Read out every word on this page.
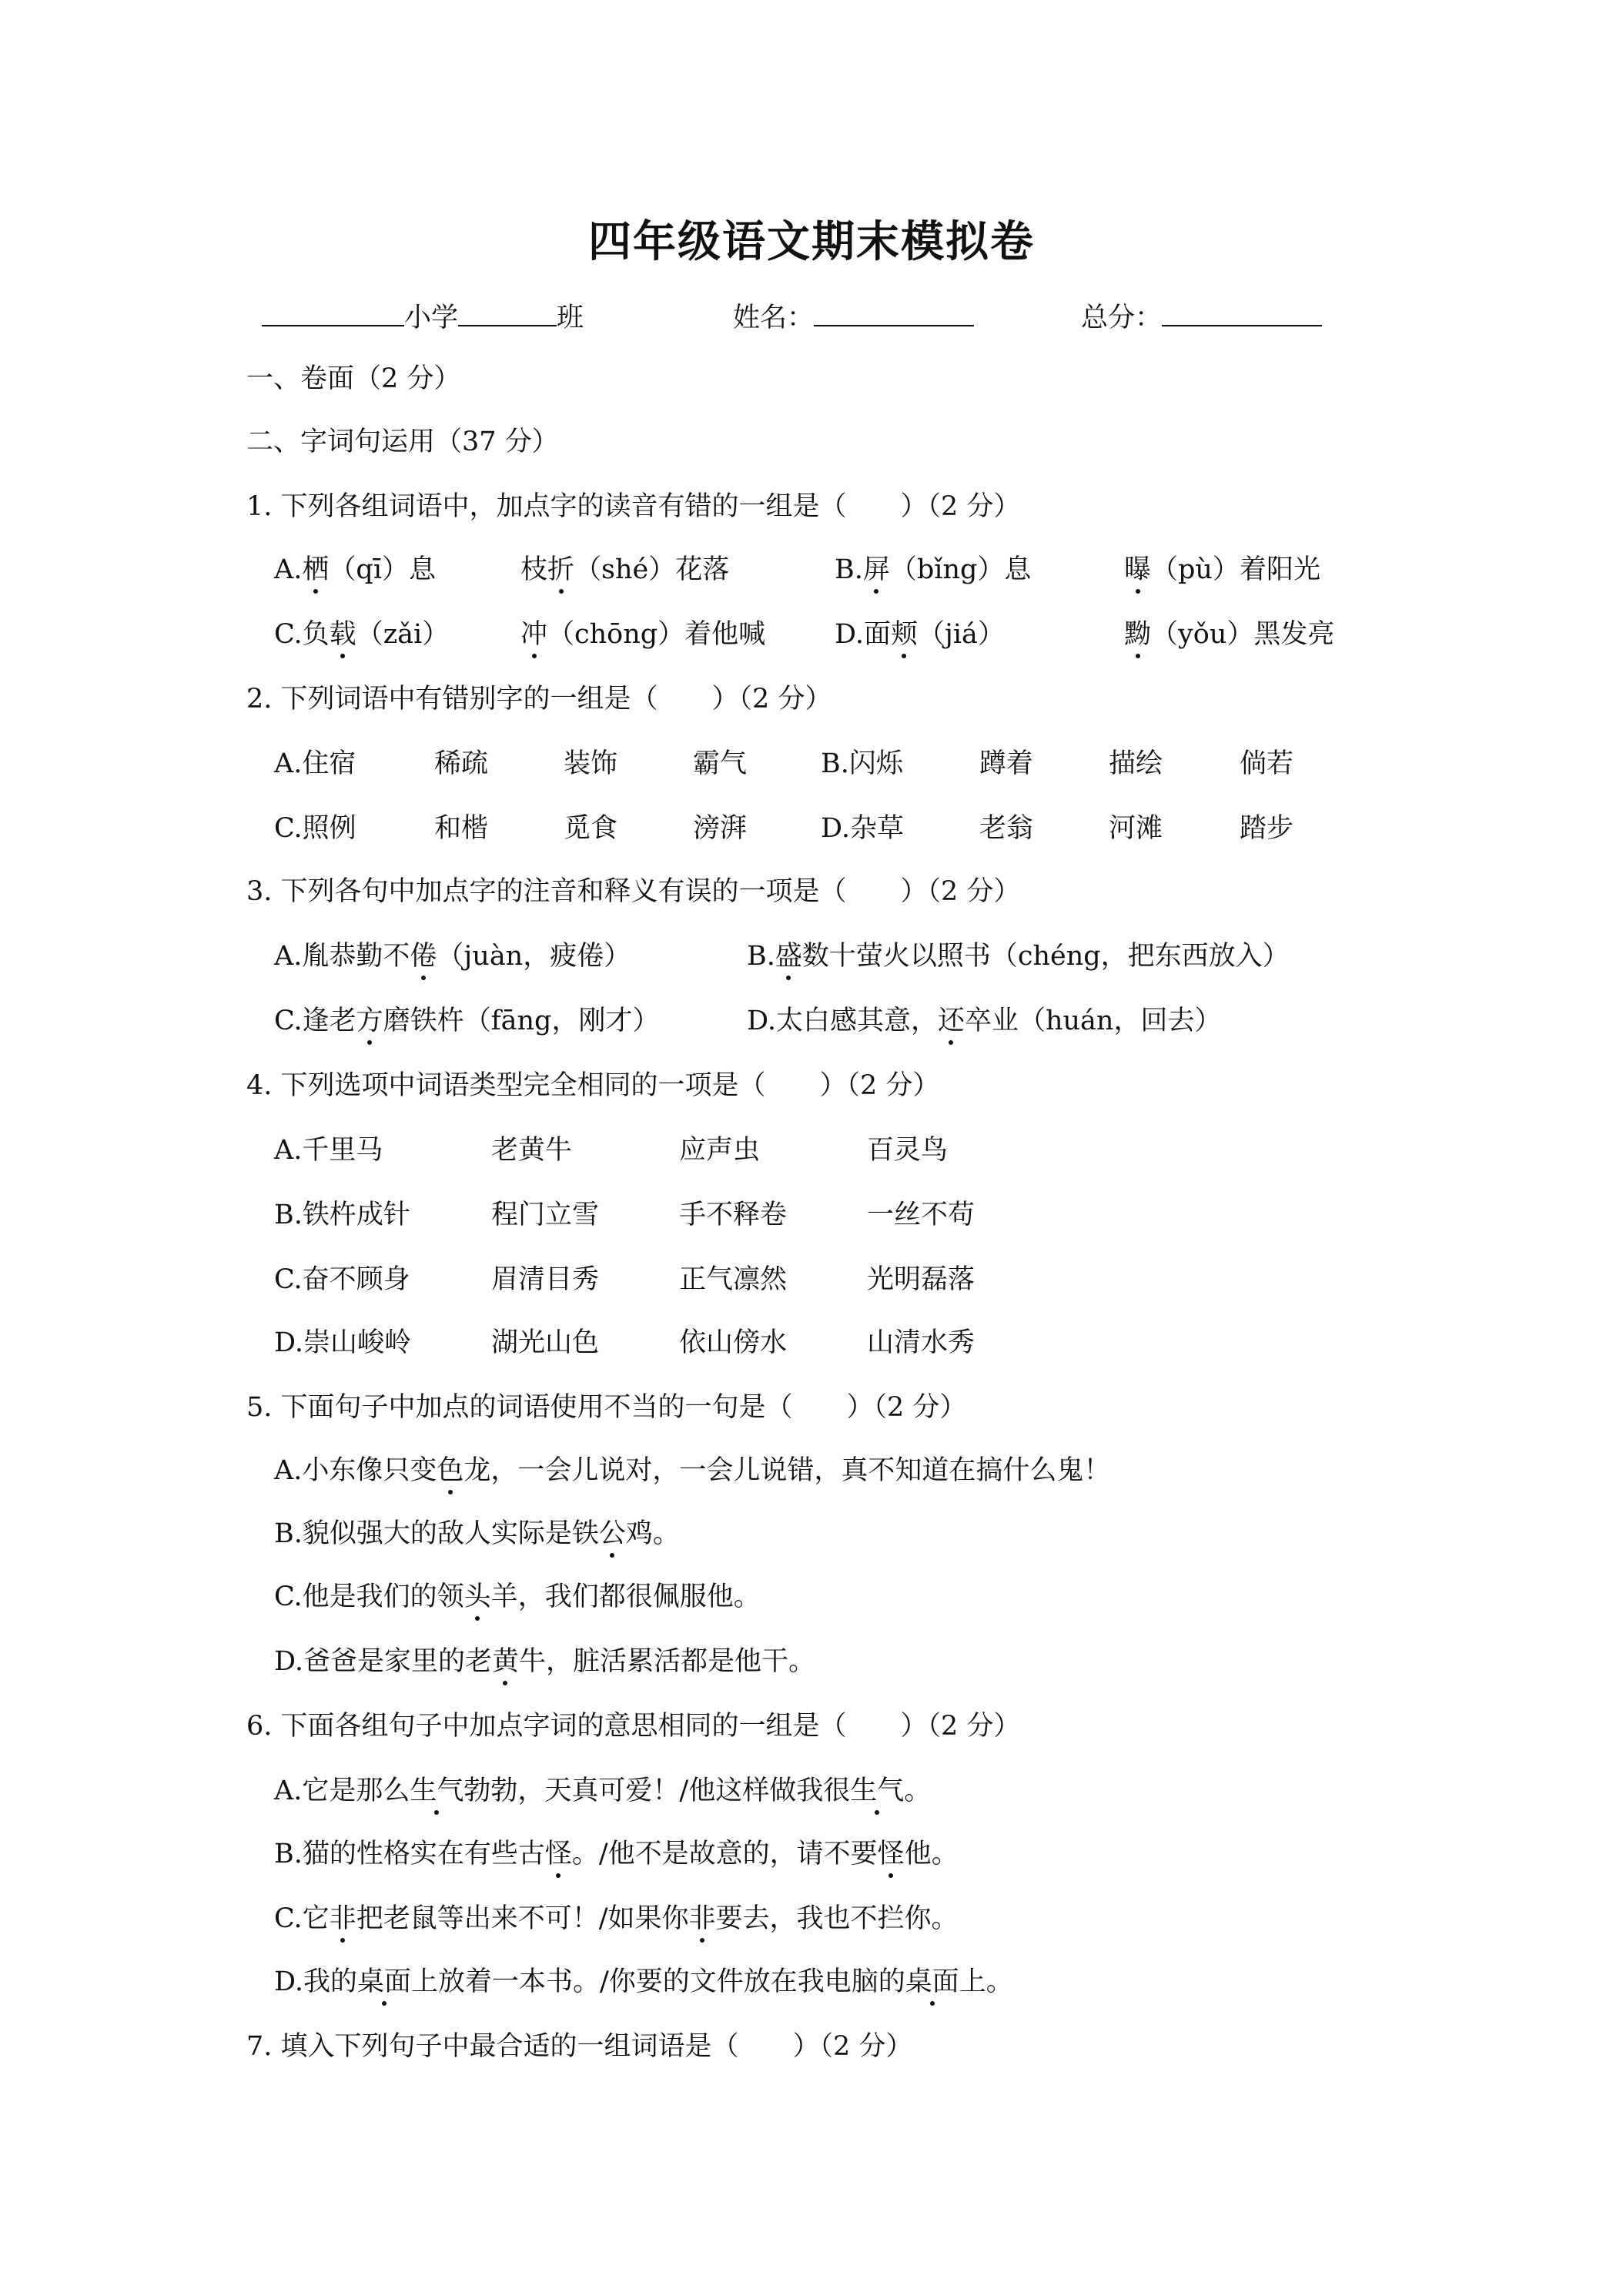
四年级语文期末模拟卷
小学	班	姓名：	总分：
一、卷面（2 分）
二、字词句运用（37 分）
1. 下列各组词语中，加点字的读音有错的一组是（　　）（2 分）
A.栖（qī）息	枝折（shé）花落	B.屏（bǐng）息	曝（pù）着阳光
C.负载（zǎi）	冲（chōng）着他喊	D.面颊（jiá）	黝（yǒu）黑发亮
2. 下列词语中有错别字的一组是（　　）（2 分）
A.住宿	稀疏	装饰	霸气	B.闪烁	蹲着	描绘	倘若
C.照例	和楷	觅食	滂湃	D.杂草	老翁	河滩	踏步
3. 下列各句中加点字的注音和释义有误的一项是（　　）（2 分）
A.胤恭勤不倦（juàn，疲倦）	B.盛数十萤火以照书（chéng，把东西放入）
C.逢老方磨铁杵（fāng，刚才）	D.太白感其意，还卒业（huán，回去）
4. 下列选项中词语类型完全相同的一项是（　　）（2 分）
A.千里马	老黄牛	应声虫	百灵鸟
B.铁杵成针	程门立雪	手不释卷	一丝不苟
C.奋不顾身	眉清目秀	正气凛然	光明磊落
D.崇山峻岭	湖光山色	依山傍水	山清水秀
5. 下面句子中加点的词语使用不当的一句是（　　）（2 分）
A.小东像只变色龙，一会儿说对，一会儿说错，真不知道在搞什么鬼！
B.貌似强大的敌人实际是铁公鸡。
C.他是我们的领头羊，我们都很佩服他。
D.爸爸是家里的老黄牛，脏活累活都是他干。
6. 下面各组句子中加点字词的意思相同的一组是（　　）（2 分）
A.它是那么生气勃勃，天真可爱！/他这样做我很生气。
B.猫的性格实在有些古怪。/他不是故意的，请不要怪他。
C.它非把老鼠等出来不可！/如果你非要去，我也不拦你。
D.我的桌面上放着一本书。/你要的文件放在我电脑的桌面上。
7. 填入下列句子中最合适的一组词语是（　　）（2 分）
